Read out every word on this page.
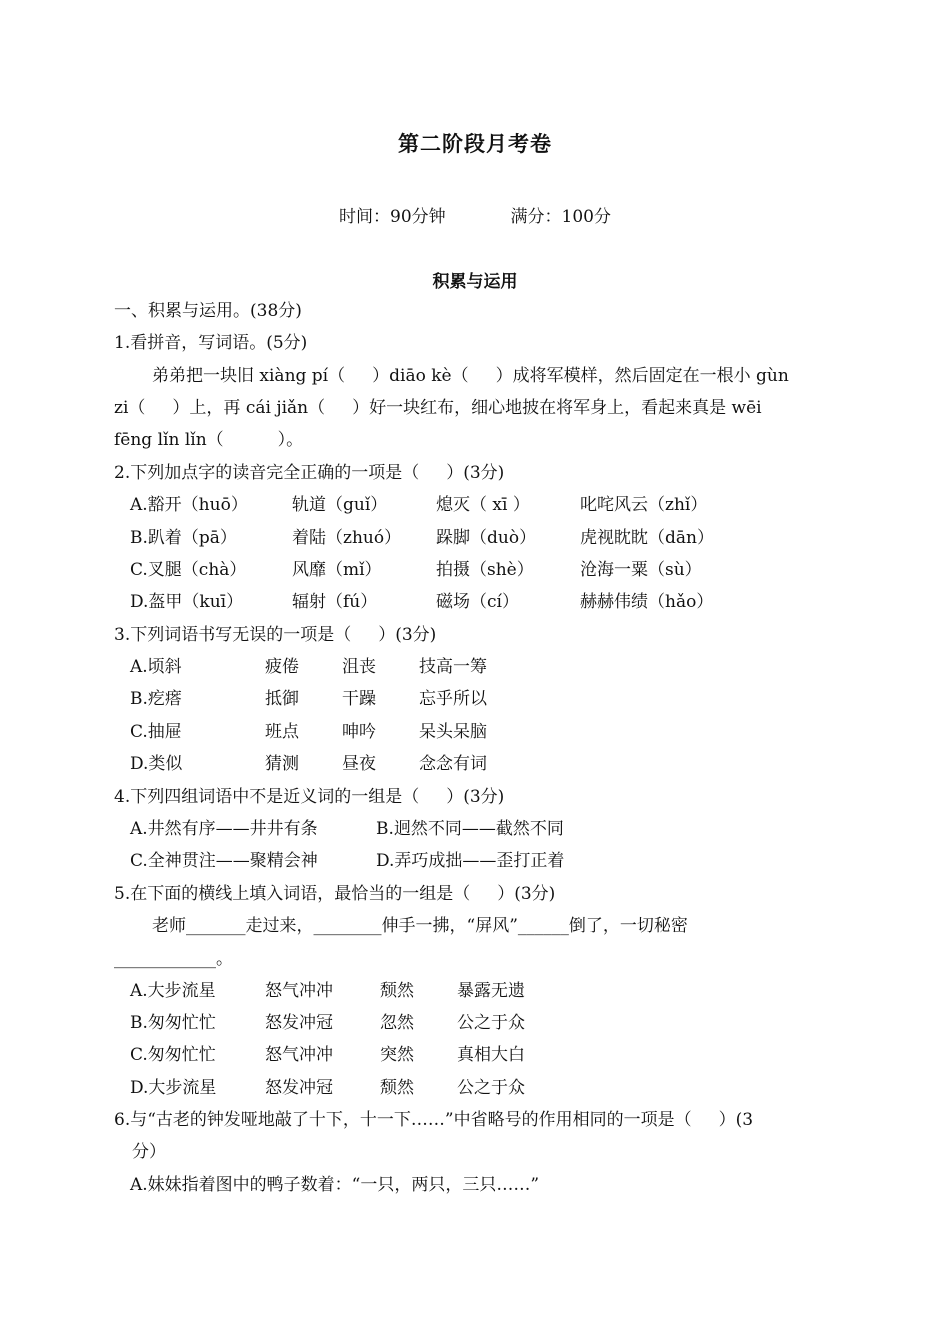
第二阶段月考卷
时间：90分钟	满分：100分
积累与运用
一、积累与运用。(38分)
1.看拼音，写词语。(5分)
弟弟把一块旧 xiàng pí（     ）diāo kè（     ）成将军模样，然后固定在一根小 gùn
zi（     ）上，再 cái jiǎn（     ）好一块红布，细心地披在将军身上，看起来真是 wēi
fēng lǐn lǐn（          ）。
2.下列加点字的读音完全正确的一项是（     ）(3分)
A.豁开（huō）	轨道（guǐ）	熄灭（ xī ）	叱咤风云（zhǐ）
B.趴着（pā）	着陆（zhuó） 跺脚（duò）	虎视眈眈（dān）
C.叉腿（chà）	风靡（mǐ）	拍摄（shè）	沧海一粟（sù）
D.盔甲（kuī）	辐射（fú）	磁场（cí）	赫赫伟绩（hǎo）
3.下列词语书写无误的一项是（     ）(3分)
A.顷斜	疲倦	沮丧	技高一筹
B.疙瘩	抵御	干躁	忘乎所以
C.抽屉	班点	呻吟	呆头呆脑
D.类似	猜测	昼夜	念念有词
4.下列四组词语中不是近义词的一组是（     ）(3分)
A.井然有序——井井有条	B.迥然不同——截然不同
C.全神贯注——聚精会神	D.弄巧成拙——歪打正着
5.在下面的横线上填入词语，最恰当的一组是（     ）(3分)
老师_______走过来，________伸手一拂，“屏风”______倒了，一切秘密
____________。
A.大步流星	怒气冲冲	颓然	暴露无遗
B.匆匆忙忙	怒发冲冠	忽然	公之于众
C.匆匆忙忙	怒气冲冲	突然	真相大白
D.大步流星	怒发冲冠	颓然	公之于众
6.与“古老的钟发哑地敲了十下，十一下……”中省略号的作用相同的一项是（     ）(3
分）
A.妹妹指着图中的鸭子数着：“一只，两只，三只……”
